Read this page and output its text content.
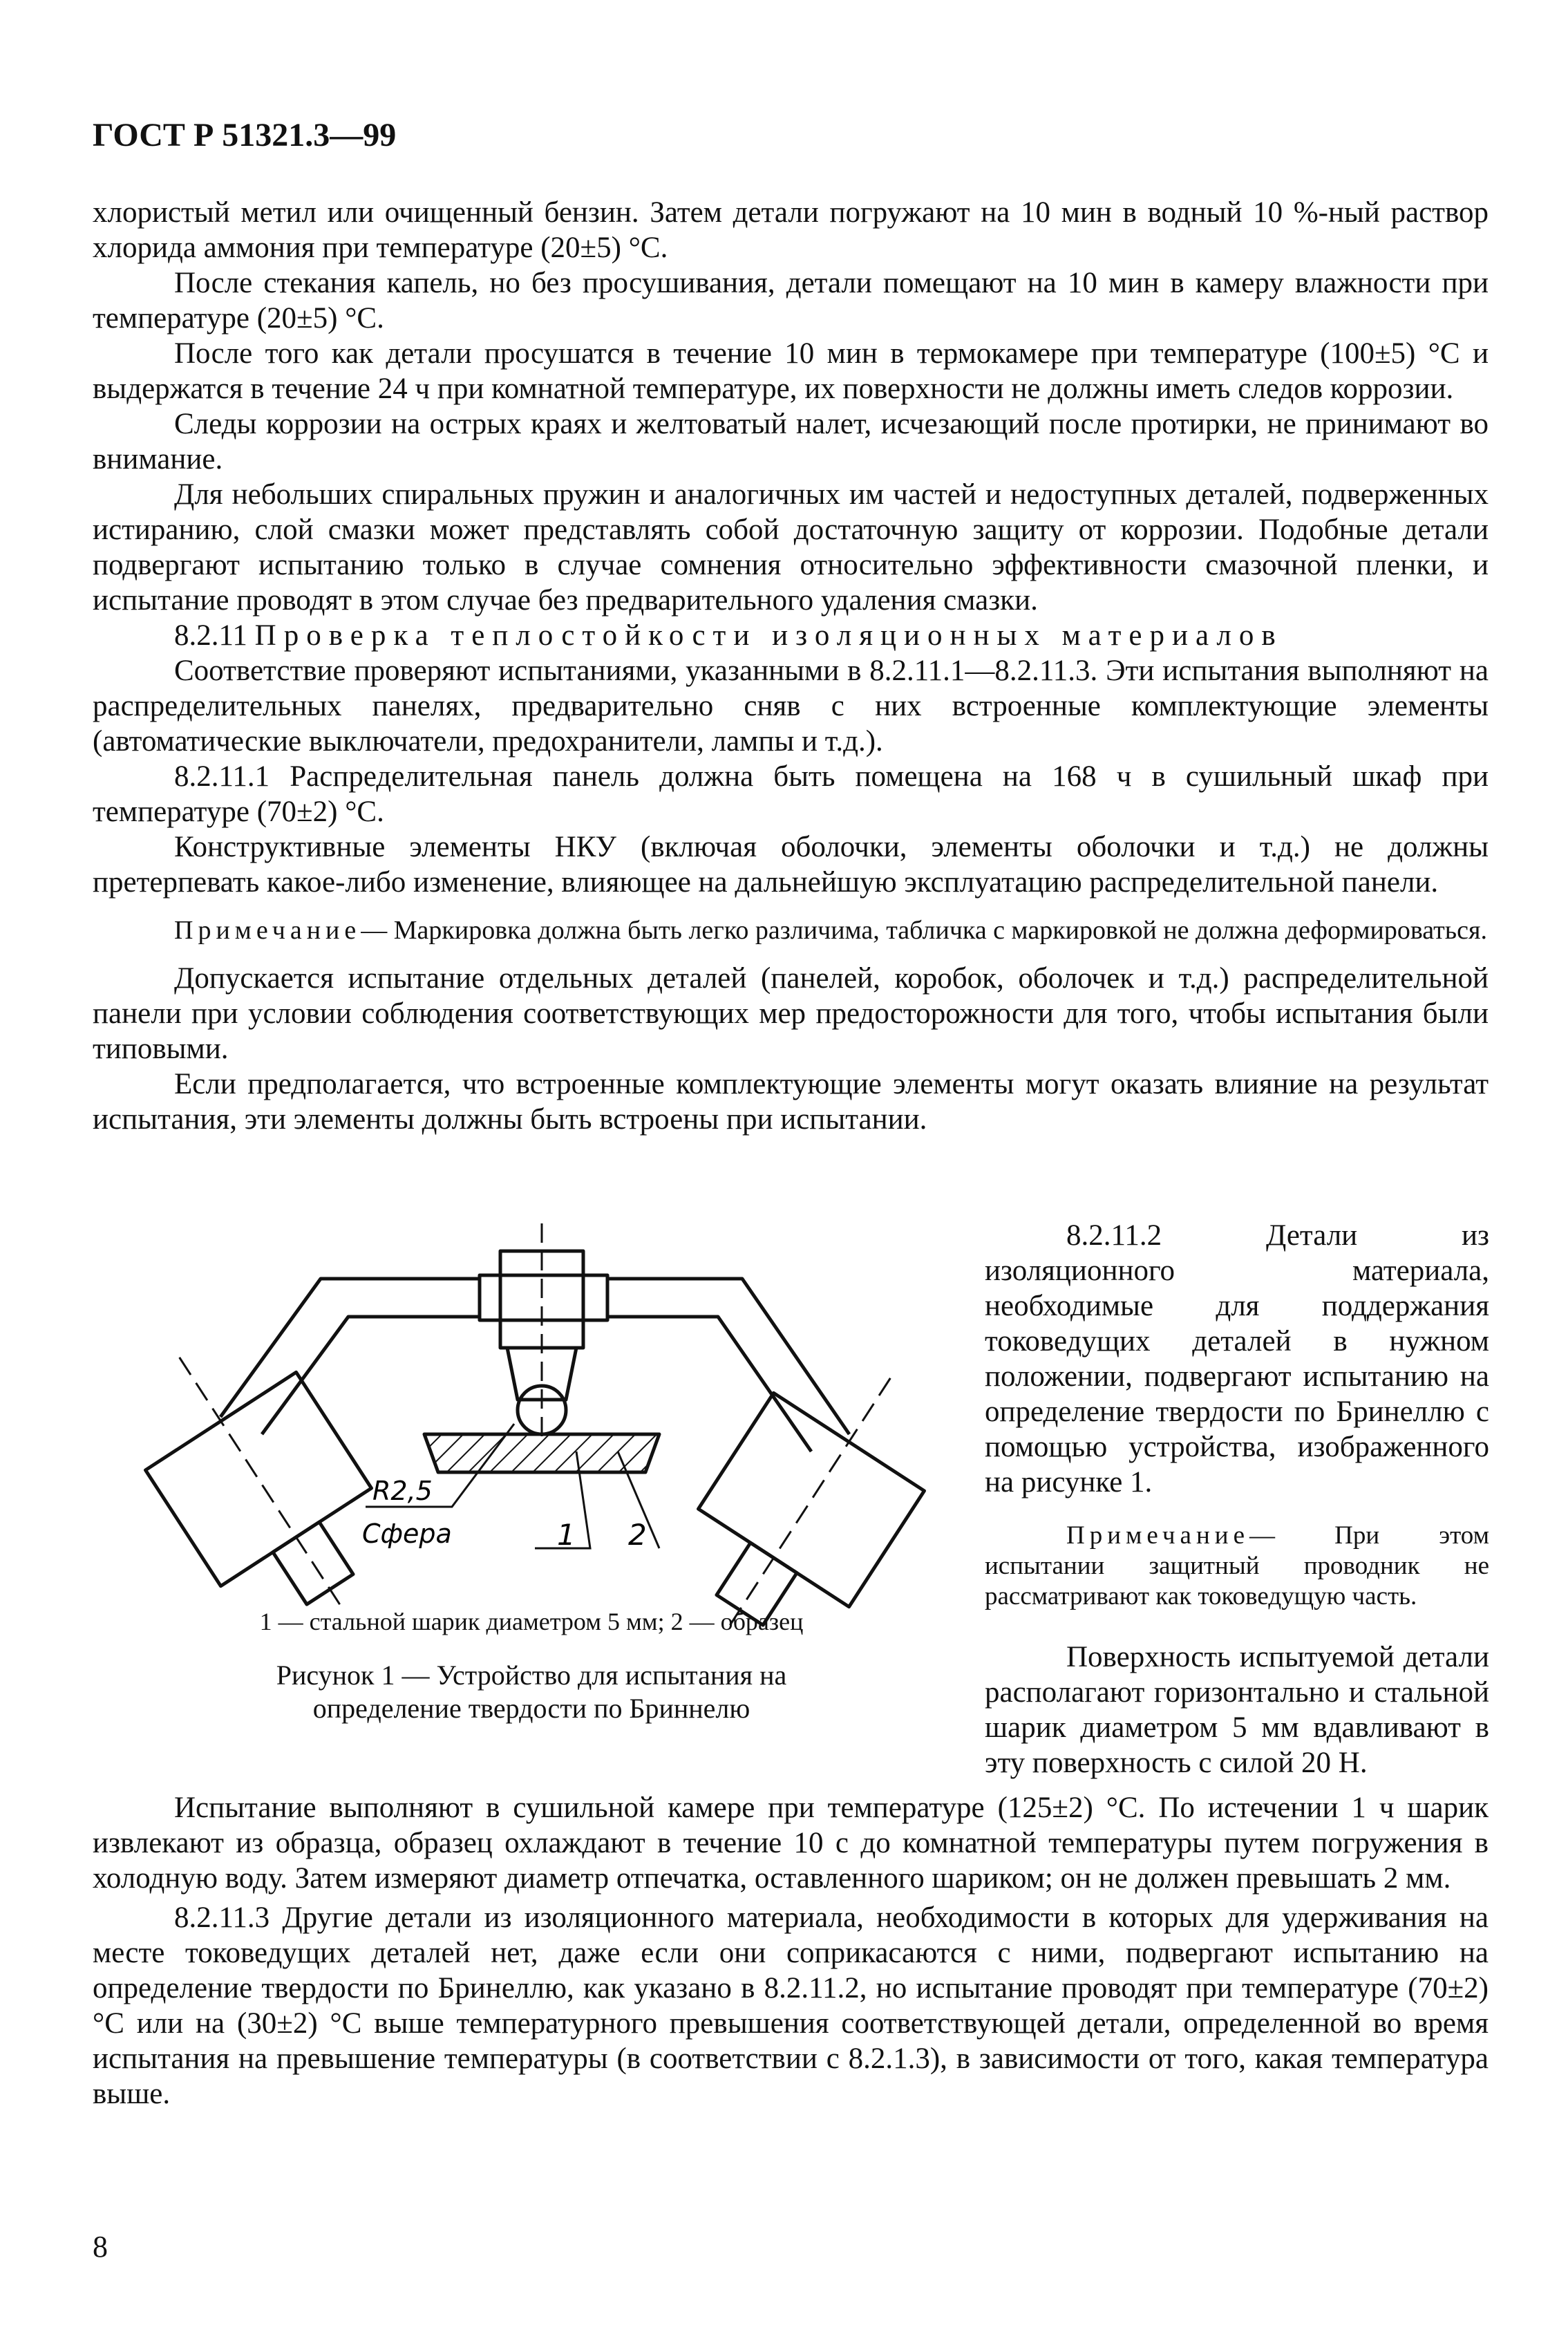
ГОСТ Р 51321.3—99

хлористый метил или очищенный бензин. Затем детали погружают на 10 мин в водный 10 %-ный раствор хлорида аммония при температуре (20±5) °С.

После стекания капель, но без просушивания, детали помещают на 10 мин в камеру влажности при температуре (20±5) °С.

После того как детали просушатся в течение 10 мин в термокамере при температуре (100±5) °С и выдержатся в течение 24 ч при комнатной температуре, их поверхности не должны иметь следов коррозии.

Следы коррозии на острых краях и желтоватый налет, исчезающий после протирки, не принимают во внимание.

Для небольших спиральных пружин и аналогичных им частей и недоступных деталей, подверженных истиранию, слой смазки может представлять собой достаточную защиту от коррозии. Подобные детали подвергают испытанию только в случае сомнения относительно эффективности смазочной пленки, и испытание проводят в этом случае без предварительного удаления смазки.

8.2.11 Проверка теплостойкости изоляционных материалов

Соответствие проверяют испытаниями, указанными в 8.2.11.1—8.2.11.3. Эти испытания выполняют на распределительных панелях, предварительно сняв с них встроенные комплектующие элементы (автоматические выключатели, предохранители, лампы и т.д.).

8.2.11.1 Распределительная панель должна быть помещена на 168 ч в сушильный шкаф при температуре (70±2) °С.

Конструктивные элементы НКУ (включая оболочки, элементы оболочки и т.д.) не должны претерпевать какое-либо изменение, влияющее на дальнейшую эксплуатацию распределительной панели.

Примечание— Маркировка должна быть легко различима, табличка с маркировкой не должна деформироваться.

Допускается испытание отдельных деталей (панелей, коробок, оболочек и т.д.) распределительной панели при условии соблюдения соответствующих мер предосторожности для того, чтобы испытания были типовыми.

Если предполагается, что встроенные комплектующие элементы могут оказать влияние на результат испытания, эти элементы должны быть встроены при испытании.

8.2.11.2 Детали из изоляционного материала, необходимые для поддержания токоведущих деталей в нужном положении, подвергают испытанию на определение твердости по Бринеллю с помощью устройства, изображенного на рисунке 1.

Примечание— При этом испытании защитный проводник не рассматривают как токоведущую часть.

Поверхность испытуемой детали располагают горизонтально и стальной шарик диаметром 5 мм вдавливают в эту поверхность с силой 20 Н.

R2,5
Сфера	1 2
1 — стальной шарик диаметром 5 мм; 2 — образец
Рисунок 1 — Устройство для испытания на определение твердости по Бриннелю

Испытание выполняют в сушильной камере при температуре (125±2) °С. По истечении 1 ч шарик извлекают из образца, образец охлаждают в течение 10 с до комнатной температуры путем погружения в холодную воду. Затем измеряют диаметр отпечатка, оставленного шариком; он не должен превышать 2 мм.

8.2.11.3 Другие детали из изоляционного материала, необходимости в которых для удерживания на месте токоведущих деталей нет, даже если они соприкасаются с ними, подвергают испытанию на определение твердости по Бринеллю, как указано в 8.2.11.2, но испытание проводят при температуре (70±2) °С или на (30±2) °С выше температурного превышения соответствующей детали, определенной во время испытания на превышение температуры (в соответствии с 8.2.1.3), в зависимости от того, какая температура выше.

8
